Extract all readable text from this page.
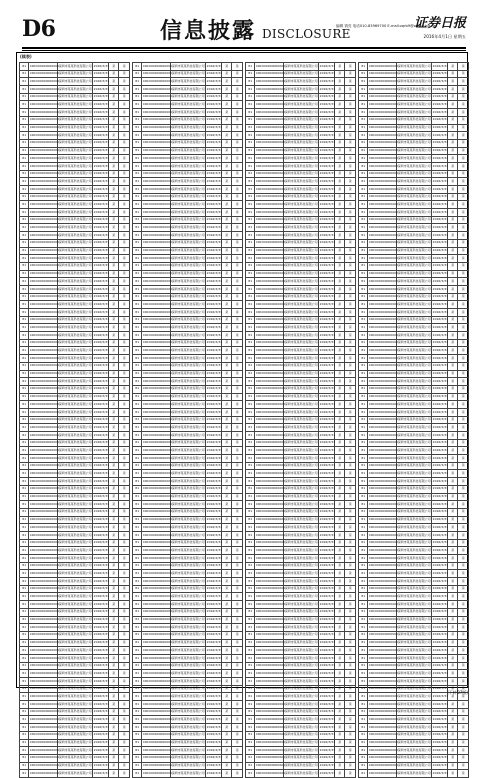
D6	信息披露 DISCLOSURE
编辑 钱亮 电话010-83969700 E-mail:zqrb9@zqrb.sina.net
证券日报
2016年4月1日 星期五
(续表)
81	CRC000000000000	深圳市某某科技有限公司	2016/3/31	是	是
81	CRC000000000000	深圳市某某科技有限公司	2016/3/31	是	是
81	CRC000000000000	深圳市某某科技有限公司	2016/3/31	是	是
81	CRC000000000000	深圳市某某科技有限公司	2016/3/31	是	是
81	CRC000000000000	深圳市某某科技有限公司	2016/3/31	是	是
81	CRC000000000000	深圳市某某科技有限公司	2016/3/31	是	是
81	CRC000000000000	深圳市某某科技有限公司	2016/3/31	是	是
81	CRC000000000000	深圳市某某科技有限公司	2016/3/31	是	是
81	CRC000000000000	深圳市某某科技有限公司	2016/3/31	是	是
81	CRC000000000000	深圳市某某科技有限公司	2016/3/31	是	是
81	CRC000000000000	深圳市某某科技有限公司	2016/3/31	是	是
81	CRC000000000000	深圳市某某科技有限公司	2016/3/31	是	是
81	CRC000000000000	深圳市某某科技有限公司	2016/3/31	是	是
81	CRC000000000000	深圳市某某科技有限公司	2016/3/31	是	是
81	CRC000000000000	深圳市某某科技有限公司	2016/3/31	是	是
81	CRC000000000000	深圳市某某科技有限公司	2016/3/31	是	是
81	CRC000000000000	深圳市某某科技有限公司	2016/3/31	是	是
81	CRC000000000000	深圳市某某科技有限公司	2016/3/31	是	是
81	CRC000000000000	深圳市某某科技有限公司	2016/3/31	是	是
81	CRC000000000000	深圳市某某科技有限公司	2016/3/31	是	是
81	CRC000000000000	深圳市某某科技有限公司	2016/3/31	是	是
81	CRC000000000000	深圳市某某科技有限公司	2016/3/31	是	是
81	CRC000000000000	深圳市某某科技有限公司	2016/3/31	是	是
81	CRC000000000000	深圳市某某科技有限公司	2016/3/31	是	是
81	CRC000000000000	深圳市某某科技有限公司	2016/3/31	是	是
81	CRC000000000000	深圳市某某科技有限公司	2016/3/31	是	是
81	CRC000000000000	深圳市某某科技有限公司	2016/3/31	是	是
81	CRC000000000000	深圳市某某科技有限公司	2016/3/31	是	是
81	CRC000000000000	深圳市某某科技有限公司	2016/3/31	是	是
81	CRC000000000000	深圳市某某科技有限公司	2016/3/31	是	是
81	CRC000000000000	深圳市某某科技有限公司	2016/3/31	是	是
81	CRC000000000000	深圳市某某科技有限公司	2016/3/31	是	是
81	CRC000000000000	深圳市某某科技有限公司	2016/3/31	是	是
81	CRC000000000000	深圳市某某科技有限公司	2016/3/31	是	是
81	CRC000000000000	深圳市某某科技有限公司	2016/3/31	是	是
81	CRC000000000000	深圳市某某科技有限公司	2016/3/31	是	是
81	CRC000000000000	深圳市某某科技有限公司	2016/3/31	是	是
81	CRC000000000000	深圳市某某科技有限公司	2016/3/31	是	是
81	CRC000000000000	深圳市某某科技有限公司	2016/3/31	是	是
81	CRC000000000000	深圳市某某科技有限公司	2016/3/31	是	是
81	CRC000000000000	深圳市某某科技有限公司	2016/3/31	是	是
81	CRC000000000000	深圳市某某科技有限公司	2016/3/31	是	是
81	CRC000000000000	深圳市某某科技有限公司	2016/3/31	是	是
81	CRC000000000000	深圳市某某科技有限公司	2016/3/31	是	是
81	CRC000000000000	深圳市某某科技有限公司	2016/3/31	是	是
81	CRC000000000000	深圳市某某科技有限公司	2016/3/31	是	是
81	CRC000000000000	深圳市某某科技有限公司	2016/3/31	是	是
81	CRC000000000000	深圳市某某科技有限公司	2016/3/31	是	是
81	CRC000000000000	深圳市某某科技有限公司	2016/3/31	是	是
81	CRC000000000000	深圳市某某科技有限公司	2016/3/31	是	是
81	CRC000000000000	深圳市某某科技有限公司	2016/3/31	是	是
81	CRC000000000000	深圳市某某科技有限公司	2016/3/31	是	是
81	CRC000000000000	深圳市某某科技有限公司	2016/3/31	是	是
81	CRC000000000000	深圳市某某科技有限公司	2016/3/31	是	是
81	CRC000000000000	深圳市某某科技有限公司	2016/3/31	是	是
81	CRC000000000000	深圳市某某科技有限公司	2016/3/31	是	是
81	CRC000000000000	深圳市某某科技有限公司	2016/3/31	是	是
81	CRC000000000000	深圳市某某科技有限公司	2016/3/31	是	是
81	CRC000000000000	深圳市某某科技有限公司	2016/3/31	是	是
81	CRC000000000000	深圳市某某科技有限公司	2016/3/31	是	是
81	CRC000000000000	深圳市某某科技有限公司	2016/3/31	是	是
81	CRC000000000000	深圳市某某科技有限公司	2016/3/31	是	是
81	CRC000000000000	深圳市某某科技有限公司	2016/3/31	是	是
81	CRC000000000000	深圳市某某科技有限公司	2016/3/31	是	是
81	CRC000000000000	深圳市某某科技有限公司	2016/3/31	是	是
81	CRC000000000000	深圳市某某科技有限公司	2016/3/31	是	是
81	CRC000000000000	深圳市某某科技有限公司	2016/3/31	是	是
81	CRC000000000000	深圳市某某科技有限公司	2016/3/31	是	是
81	CRC000000000000	深圳市某某科技有限公司	2016/3/31	是	是
81	CRC000000000000	深圳市某某科技有限公司	2016/3/31	是	是
81	CRC000000000000	深圳市某某科技有限公司	2016/3/31	是	是
81	CRC000000000000	深圳市某某科技有限公司	2016/3/31	是	是
81	CRC000000000000	深圳市某某科技有限公司	2016/3/31	是	是
81	CRC000000000000	深圳市某某科技有限公司	2016/3/31	是	是
81	CRC000000000000	深圳市某某科技有限公司	2016/3/31	是	是
81	CRC000000000000	深圳市某某科技有限公司	2016/3/31	是	是
81	CRC000000000000	深圳市某某科技有限公司	2016/3/31	是	是
81	CRC000000000000	深圳市某某科技有限公司	2016/3/31	是	是
81	CRC000000000000	深圳市某某科技有限公司	2016/3/31	是	是
81	CRC000000000000	深圳市某某科技有限公司	2016/3/31	是	是
81	CRC000000000000	深圳市某某科技有限公司	2016/3/31	是	是
81	CRC000000000000	深圳市某某科技有限公司	2016/3/31	是	是
81	CRC000000000000	深圳市某某科技有限公司	2016/3/31	是	是
81	CRC000000000000	深圳市某某科技有限公司	2016/3/31	是	是
81	CRC000000000000	深圳市某某科技有限公司	2016/3/31	是	是
81	CRC000000000000	深圳市某某科技有限公司	2016/3/31	是	是
81	CRC000000000000	深圳市某某科技有限公司	2016/3/31	是	是
81	CRC000000000000	深圳市某某科技有限公司	2016/3/31	是	是
81	CRC000000000000	深圳市某某科技有限公司	2016/3/31	是	是
81	CRC000000000000	深圳市某某科技有限公司	2016/3/31	是	是
81	CRC000000000000	深圳市某某科技有限公司	2016/3/31	是	是
81	CRC000000000000	深圳市某某科技有限公司	2016/3/31	是	是
81	CRC000000000000	深圳市某某科技有限公司	2016/3/31	是	是
81	CRC000000000000	深圳市某某科技有限公司	2016/3/31	是	是
81	CRC000000000000	深圳市某某科技有限公司	2016/3/31	是	是
81	CRC000000000000	深圳市某某科技有限公司	2016/3/31	是	是
81	CRC000000000000	深圳市某某科技有限公司	2016/3/31	是	是
81	CRC000000000000	深圳市某某科技有限公司	2016/3/31	是	是
81	CRC000000000000	深圳市某某科技有限公司	2016/3/31	是	是
81	CRC000000000000	深圳市某某科技有限公司	2016/3/31	是	是
81	CRC000000000000	深圳市某某科技有限公司	2016/3/31	是	是
81	CRC000000000000	深圳市某某科技有限公司	2016/3/31	是	是
81	CRC000000000000	深圳市某某科技有限公司	2016/3/31	是	是
81	CRC000000000000	深圳市某某科技有限公司	2016/3/31	是	是
81	CRC000000000000	深圳市某某科技有限公司	2016/3/31	是	是
81	CRC000000000000	深圳市某某科技有限公司	2016/3/31	是	是
81	CRC000000000000	深圳市某某科技有限公司	2016/3/31	是	是
81	CRC000000000000	深圳市某某科技有限公司	2016/3/31	是	是
81	CRC000000000000	深圳市某某科技有限公司	2016/3/31	是	是
81	CRC000000000000	深圳市某某科技有限公司	2016/3/31	是	是
81	CRC000000000000	深圳市某某科技有限公司	2016/3/31	是	是
81	CRC000000000000	深圳市某某科技有限公司	2016/3/31	是	是
81	CRC000000000000	深圳市某某科技有限公司	2016/3/31	是	是
81	CRC000000000000	深圳市某某科技有限公司	2016/3/31	是	是
81	CRC000000000000	深圳市某某科技有限公司	2016/3/31	是	是
81	CRC000000000000	深圳市某某科技有限公司	2016/3/31	是	是
81	CRC000000000000	深圳市某某科技有限公司	2016/3/31	是	是
81	CRC000000000000	深圳市某某科技有限公司	2016/3/31	是	是
81	CRC000000000000	深圳市某某科技有限公司	2016/3/31	是	是
81	CRC000000000000	深圳市某某科技有限公司	2016/3/31	是	是
81	CRC000000000000	深圳市某某科技有限公司	2016/3/31	是	是
81	CRC000000000000	深圳市某某科技有限公司	2016/3/31	是	是
81	CRC000000000000	深圳市某某科技有限公司	2016/3/31	是	是
81	CRC000000000000	深圳市某某科技有限公司	2016/3/31	是	是
81	CRC000000000000	深圳市某某科技有限公司	2016/3/31	是	是
81	CRC000000000000	深圳市某某科技有限公司	2016/3/31	是	是
81	CRC000000000000	深圳市某某科技有限公司	2016/3/31	是	是
81	CRC000000000000	深圳市某某科技有限公司	2016/3/31	是	是
81	CRC000000000000	深圳市某某科技有限公司	2016/3/31	是	是
81	CRC000000000000	深圳市某某科技有限公司	2016/3/31	是	是
81	CRC000000000000	深圳市某某科技有限公司	2016/3/31	是	是
81	CRC000000000000	深圳市某某科技有限公司	2016/3/31	是	是
81	CRC000000000000	深圳市某某科技有限公司	2016/3/31	是	是
81	CRC000000000000	深圳市某某科技有限公司	2016/3/31	是	是
81	CRC000000000000	深圳市某某科技有限公司	2016/3/31	是	是
81	CRC000000000000	深圳市某某科技有限公司	2016/3/31	是	是
81	CRC000000000000	深圳市某某科技有限公司	2016/3/31	是	是
81	CRC000000000000	深圳市某某科技有限公司	2016/3/31	是	是
81	CRC000000000000	深圳市某某科技有限公司	2016/3/31	是	是
81	CRC000000000000	深圳市某某科技有限公司	2016/3/31	是	是
81	CRC000000000000	深圳市某某科技有限公司	2016/3/31	是	是
81	CRC000000000000	深圳市某某科技有限公司	2016/3/31	是	是
81	CRC000000000000	深圳市某某科技有限公司	2016/3/31	是	是
81	CRC000000000000	深圳市某某科技有限公司	2016/3/31	是	是
81	CRC000000000000	深圳市某某科技有限公司	2016/3/31	是	是
81	CRC000000000000	深圳市某某科技有限公司	2016/3/31	是	是
81	CRC000000000000	深圳市某某科技有限公司	2016/3/31	是	是
81	CRC000000000000	深圳市某某科技有限公司	2016/3/31	是	是
81	CRC000000000000	深圳市某某科技有限公司	2016/3/31	是	是
81	CRC000000000000	深圳市某某科技有限公司	2016/3/31	是	是
81	CRC000000000000	深圳市某某科技有限公司	2016/3/31	是	是
81	CRC000000000000	深圳市某某科技有限公司	2016/3/31	是	是
81	CRC000000000000	深圳市某某科技有限公司	2016/3/31	是	是
81	CRC000000000000	深圳市某某科技有限公司	2016/3/31	是	是
81	CRC000000000000	深圳市某某科技有限公司	2016/3/31	是	是
81	CRC000000000000	深圳市某某科技有限公司	2016/3/31	是	是
81	CRC000000000000	深圳市某某科技有限公司	2016/3/31	是	是
81	CRC000000000000	深圳市某某科技有限公司	2016/3/31	是	是
81	CRC000000000000	深圳市某某科技有限公司	2016/3/31	是	是
81	CRC000000000000	深圳市某某科技有限公司	2016/3/31	是	是
81	CRC000000000000	深圳市某某科技有限公司	2016/3/31	是	是
81	CRC000000000000	深圳市某某科技有限公司	2016/3/31	是	是
81	CRC000000000000	深圳市某某科技有限公司	2016/3/31	是	是
81	CRC000000000000	深圳市某某科技有限公司	2016/3/31	是	是
81	CRC000000000000	深圳市某某科技有限公司	2016/3/31	是	是
81	CRC000000000000	深圳市某某科技有限公司	2016/3/31	是	是
81	CRC000000000000	深圳市某某科技有限公司	2016/3/31	是	是
81	CRC000000000000	深圳市某某科技有限公司	2016/3/31	是	是
81	CRC000000000000	深圳市某某科技有限公司	2016/3/31	是	是
81	CRC000000000000	深圳市某某科技有限公司	2016/3/31	是	是
81	CRC000000000000	深圳市某某科技有限公司	2016/3/31	是	是
81	CRC000000000000	深圳市某某科技有限公司	2016/3/31	是	是
81	CRC000000000000	深圳市某某科技有限公司	2016/3/31	是	是
81	CRC000000000000	深圳市某某科技有限公司	2016/3/31	是	是
81	CRC000000000000	深圳市某某科技有限公司	2016/3/31	是	是
81	CRC000000000000	深圳市某某科技有限公司	2016/3/31	是	是
81	CRC000000000000	深圳市某某科技有限公司	2016/3/31	是	是
81	CRC000000000000	深圳市某某科技有限公司	2016/3/31	是	是
81	CRC000000000000	深圳市某某科技有限公司	2016/3/31	是	是
81	CRC000000000000	深圳市某某科技有限公司	2016/3/31	是	是
81	CRC000000000000	深圳市某某科技有限公司	2016/3/31	是	是
81	CRC000000000000	深圳市某某科技有限公司	2016/3/31	是	是
81	CRC000000000000	深圳市某某科技有限公司	2016/3/31	是	是
81	CRC000000000000	深圳市某某科技有限公司	2016/3/31	是	是
81	CRC000000000000	深圳市某某科技有限公司	2016/3/31	是	是
81	CRC000000000000	深圳市某某科技有限公司	2016/3/31	是	是
81	CRC000000000000	深圳市某某科技有限公司	2016/3/31	是	是
81	CRC000000000000	深圳市某某科技有限公司	2016/3/31	是	是
81	CRC000000000000	深圳市某某科技有限公司	2016/3/31	是	是
81	CRC000000000000	深圳市某某科技有限公司	2016/3/31	是	是
81	CRC000000000000	深圳市某某科技有限公司	2016/3/31	是	是
81	CRC000000000000	深圳市某某科技有限公司	2016/3/31	是	是
81	CRC000000000000	深圳市某某科技有限公司	2016/3/31	是	是
81	CRC000000000000	深圳市某某科技有限公司	2016/3/31	是	是
81	CRC000000000000	深圳市某某科技有限公司	2016/3/31	是	是
81	CRC000000000000	深圳市某某科技有限公司	2016/3/31	是	是
81	CRC000000000000	深圳市某某科技有限公司	2016/3/31	是	是
81	CRC000000000000	深圳市某某科技有限公司	2016/3/31	是	是
81	CRC000000000000	深圳市某某科技有限公司	2016/3/31	是	是
81	CRC000000000000	深圳市某某科技有限公司	2016/3/31	是	是
81	CRC000000000000	深圳市某某科技有限公司	2016/3/31	是	是
81	CRC000000000000	深圳市某某科技有限公司	2016/3/31	是	是
81	CRC000000000000	深圳市某某科技有限公司	2016/3/31	是	是
81	CRC000000000000	深圳市某某科技有限公司	2016/3/31	是	是
81	CRC000000000000	深圳市某某科技有限公司	2016/3/31	是	是
81	CRC000000000000	深圳市某某科技有限公司	2016/3/31	是	是
81	CRC000000000000	深圳市某某科技有限公司	2016/3/31	是	是
81	CRC000000000000	深圳市某某科技有限公司	2016/3/31	是	是
81	CRC000000000000	深圳市某某科技有限公司	2016/3/31	是	是
81	CRC000000000000	深圳市某某科技有限公司	2016/3/31	是	是
81	CRC000000000000	深圳市某某科技有限公司	2016/3/31	是	是
81	CRC000000000000	深圳市某某科技有限公司	2016/3/31	是	是
81	CRC000000000000	深圳市某某科技有限公司	2016/3/31	是	是
81	CRC000000000000	深圳市某某科技有限公司	2016/3/31	是	是
81	CRC000000000000	深圳市某某科技有限公司	2016/3/31	是	是
81	CRC000000000000	深圳市某某科技有限公司	2016/3/31	是	是
81	CRC000000000000	深圳市某某科技有限公司	2016/3/31	是	是
81	CRC000000000000	深圳市某某科技有限公司	2016/3/31	是	是
81	CRC000000000000	深圳市某某科技有限公司	2016/3/31	是	是
81	CRC000000000000	深圳市某某科技有限公司	2016/3/31	是	是
81	CRC000000000000	深圳市某某科技有限公司	2016/3/31	是	是
81	CRC000000000000	深圳市某某科技有限公司	2016/3/31	是	是
81	CRC000000000000	深圳市某某科技有限公司	2016/3/31	是	是
81	CRC000000000000	深圳市某某科技有限公司	2016/3/31	是	是
81	CRC000000000000	深圳市某某科技有限公司	2016/3/31	是	是
81	CRC000000000000	深圳市某某科技有限公司	2016/3/31	是	是
81	CRC000000000000	深圳市某某科技有限公司	2016/3/31	是	是
81	CRC000000000000	深圳市某某科技有限公司	2016/3/31	是	是
81	CRC000000000000	深圳市某某科技有限公司	2016/3/31	是	是
81	CRC000000000000	深圳市某某科技有限公司	2016/3/31	是	是
81	CRC000000000000	深圳市某某科技有限公司	2016/3/31	是	是
81	CRC000000000000	深圳市某某科技有限公司	2016/3/31	是	是
81	CRC000000000000	深圳市某某科技有限公司	2016/3/31	是	是
81	CRC000000000000	深圳市某某科技有限公司	2016/3/31	是	是
81	CRC000000000000	深圳市某某科技有限公司	2016/3/31	是	是
81	CRC000000000000	深圳市某某科技有限公司	2016/3/31	是	是
81	CRC000000000000	深圳市某某科技有限公司	2016/3/31	是	是
81	CRC000000000000	深圳市某某科技有限公司	2016/3/31	是	是
81	CRC000000000000	深圳市某某科技有限公司	2016/3/31	是	是
81	CRC000000000000	深圳市某某科技有限公司	2016/3/31	是	是
81	CRC000000000000	深圳市某某科技有限公司	2016/3/31	是	是
81	CRC000000000000	深圳市某某科技有限公司	2016/3/31	是	是
81	CRC000000000000	深圳市某某科技有限公司	2016/3/31	是	是
81	CRC000000000000	深圳市某某科技有限公司	2016/3/31	是	是
81	CRC000000000000	深圳市某某科技有限公司	2016/3/31	是	是
81	CRC000000000000	深圳市某某科技有限公司	2016/3/31	是	是
81	CRC000000000000	深圳市某某科技有限公司	2016/3/31	是	是
81	CRC000000000000	深圳市某某科技有限公司	2016/3/31	是	是
81	CRC000000000000	深圳市某某科技有限公司	2016/3/31	是	是
81	CRC000000000000	深圳市某某科技有限公司	2016/3/31	是	是
81	CRC000000000000	深圳市某某科技有限公司	2016/3/31	是	是
81	CRC000000000000	深圳市某某科技有限公司	2016/3/31	是	是
81	CRC000000000000	深圳市某某科技有限公司	2016/3/31	是	是
81	CRC000000000000	深圳市某某科技有限公司	2016/3/31	是	是
81	CRC000000000000	深圳市某某科技有限公司	2016/3/31	是	是
81	CRC000000000000	深圳市某某科技有限公司	2016/3/31	是	是
81	CRC000000000000	深圳市某某科技有限公司	2016/3/31	是	是
81	CRC000000000000	深圳市某某科技有限公司	2016/3/31	是	是
81	CRC000000000000	深圳市某某科技有限公司	2016/3/31	是	是
81	CRC000000000000	深圳市某某科技有限公司	2016/3/31	是	是
81	CRC000000000000	深圳市某某科技有限公司	2016/3/31	是	是
81	CRC000000000000	深圳市某某科技有限公司	2016/3/31	是	是
81	CRC000000000000	深圳市某某科技有限公司	2016/3/31	是	是
81	CRC000000000000	深圳市某某科技有限公司	2016/3/31	是	是
81	CRC000000000000	深圳市某某科技有限公司	2016/3/31	是	是
81	CRC000000000000	深圳市某某科技有限公司	2016/3/31	是	是
81	CRC000000000000	深圳市某某科技有限公司	2016/3/31	是	是
81	CRC000000000000	深圳市某某科技有限公司	2016/3/31	是	是
81	CRC000000000000	深圳市某某科技有限公司	2016/3/31	是	是
81	CRC000000000000	深圳市某某科技有限公司	2016/3/31	是	是
81	CRC000000000000	深圳市某某科技有限公司	2016/3/31	是	是
81	CRC000000000000	深圳市某某科技有限公司	2016/3/31	是	是
81	CRC000000000000	深圳市某某科技有限公司	2016/3/31	是	是
81	CRC000000000000	深圳市某某科技有限公司	2016/3/31	是	是
81	CRC000000000000	深圳市某某科技有限公司	2016/3/31	是	是
81	CRC000000000000	深圳市某某科技有限公司	2016/3/31	是	是
81	CRC000000000000	深圳市某某科技有限公司	2016/3/31	是	是
81	CRC000000000000	深圳市某某科技有限公司	2016/3/31	是	是
81	CRC000000000000	深圳市某某科技有限公司	2016/3/31	是	是
81	CRC000000000000	深圳市某某科技有限公司	2016/3/31	是	是
81	CRC000000000000	深圳市某某科技有限公司	2016/3/31	是	是
81	CRC000000000000	深圳市某某科技有限公司	2016/3/31	是	是
81	CRC000000000000	深圳市某某科技有限公司	2016/3/31	是	是
81	CRC000000000000	深圳市某某科技有限公司	2016/3/31	是	是
81	CRC000000000000	深圳市某某科技有限公司	2016/3/31	是	是
81	CRC000000000000	深圳市某某科技有限公司	2016/3/31	是	是
81	CRC000000000000	深圳市某某科技有限公司	2016/3/31	是	是
81	CRC000000000000	深圳市某某科技有限公司	2016/3/31	是	是
81	CRC000000000000	深圳市某某科技有限公司	2016/3/31	是	是
81	CRC000000000000	深圳市某某科技有限公司	2016/3/31	是	是
81	CRC000000000000	深圳市某某科技有限公司	2016/3/31	是	是
81	CRC000000000000	深圳市某某科技有限公司	2016/3/31	是	是
81	CRC000000000000	深圳市某某科技有限公司	2016/3/31	是	是
81	CRC000000000000	深圳市某某科技有限公司	2016/3/31	是	是
81	CRC000000000000	深圳市某某科技有限公司	2016/3/31	是	是
81	CRC000000000000	深圳市某某科技有限公司	2016/3/31	是	是
81	CRC000000000000	深圳市某某科技有限公司	2016/3/31	是	是
81	CRC000000000000	深圳市某某科技有限公司	2016/3/31	是	是
81	CRC000000000000	深圳市某某科技有限公司	2016/3/31	是	是
81	CRC000000000000	深圳市某某科技有限公司	2016/3/31	是	是
81	CRC000000000000	深圳市某某科技有限公司	2016/3/31	是	是
81	CRC000000000000	深圳市某某科技有限公司	2016/3/31	是	是
81	CRC000000000000	深圳市某某科技有限公司	2016/3/31	是	是
81	CRC000000000000	深圳市某某科技有限公司	2016/3/31	是	是
81	CRC000000000000	深圳市某某科技有限公司	2016/3/31	是	是
81	CRC000000000000	深圳市某某科技有限公司	2016/3/31	是	是
81	CRC000000000000	深圳市某某科技有限公司	2016/3/31	是	是
81	CRC000000000000	深圳市某某科技有限公司	2016/3/31	是	是
81	CRC000000000000	深圳市某某科技有限公司	2016/3/31	是	是
81	CRC000000000000	深圳市某某科技有限公司	2016/3/31	是	是
81	CRC000000000000	深圳市某某科技有限公司	2016/3/31	是	是
81	CRC000000000000	深圳市某某科技有限公司	2016/3/31	是	是
81	CRC000000000000	深圳市某某科技有限公司	2016/3/31	是	是
81	CRC000000000000	深圳市某某科技有限公司	2016/3/31	是	是
81	CRC000000000000	深圳市某某科技有限公司	2016/3/31	是	是
81	CRC000000000000	深圳市某某科技有限公司	2016/3/31	是	是
81	CRC000000000000	深圳市某某科技有限公司	2016/3/31	是	是
81	CRC000000000000	深圳市某某科技有限公司	2016/3/31	是	是
81	CRC000000000000	深圳市某某科技有限公司	2016/3/31	是	是
81	CRC000000000000	深圳市某某科技有限公司	2016/3/31	是	是
81	CRC000000000000	深圳市某某科技有限公司	2016/3/31	是	是
81	CRC000000000000	深圳市某某科技有限公司	2016/3/31	是	是
81	CRC000000000000	深圳市某某科技有限公司	2016/3/31	是	是
81	CRC000000000000	深圳市某某科技有限公司	2016/3/31	是	是
81	CRC000000000000	深圳市某某科技有限公司	2016/3/31	是	是
81	CRC000000000000	深圳市某某科技有限公司	2016/3/31	是	是
81	CRC000000000000	深圳市某某科技有限公司	2016/3/31	是	是
81	CRC000000000000	深圳市某某科技有限公司	2016/3/31	是	是
81	CRC000000000000	深圳市某某科技有限公司	2016/3/31	是	是
81	CRC000000000000	深圳市某某科技有限公司	2016/3/31	是	是
81	CRC000000000000	深圳市某某科技有限公司	2016/3/31	是	是
81	CRC000000000000	深圳市某某科技有限公司	2016/3/31	是	是
81	CRC000000000000	深圳市某某科技有限公司	2016/3/31	是	是
81	CRC000000000000	深圳市某某科技有限公司	2016/3/31	是	是
81	CRC000000000000	深圳市某某科技有限公司	2016/3/31	是	是
81	CRC000000000000	深圳市某某科技有限公司	2016/3/31	是	是
81	CRC000000000000	深圳市某某科技有限公司	2016/3/31	是	是
81	CRC000000000000	深圳市某某科技有限公司	2016/3/31	是	是
81	CRC000000000000	深圳市某某科技有限公司	2016/3/31	是	是
81	CRC000000000000	深圳市某某科技有限公司	2016/3/31	是	是
81	CRC000000000000	深圳市某某科技有限公司	2016/3/31	是	是
81	CRC000000000000	深圳市某某科技有限公司	2016/3/31	是	是
81	CRC000000000000	深圳市某某科技有限公司	2016/3/31	是	是
81	CRC000000000000	深圳市某某科技有限公司	2016/3/31	是	是
81	CRC000000000000	深圳市某某科技有限公司	2016/3/31	是	是
81	CRC000000000000	深圳市某某科技有限公司	2016/3/31	是	是
81	CRC000000000000	深圳市某某科技有限公司	2016/3/31	是	是
81	CRC000000000000	深圳市某某科技有限公司	2016/3/31	是	是
81	CRC000000000000	深圳市某某科技有限公司	2016/3/31	是	是
81	CRC000000000000	深圳市某某科技有限公司	2016/3/31	是	是
81	CRC000000000000	深圳市某某科技有限公司	2016/3/31	是	是
81	CRC000000000000	深圳市某某科技有限公司	2016/3/31	是	是
81	CRC000000000000	深圳市某某科技有限公司	2016/3/31	是	是
81	CRC000000000000	深圳市某某科技有限公司	2016/3/31	是	是
81	CRC000000000000	深圳市某某科技有限公司	2016/3/31	是	是
81	CRC000000000000	深圳市某某科技有限公司	2016/3/31	是	是
81	CRC000000000000	深圳市某某科技有限公司	2016/3/31	是	是
81	CRC000000000000	深圳市某某科技有限公司	2016/3/31	是	是
81	CRC000000000000	深圳市某某科技有限公司	2016/3/31	是	是
81	CRC000000000000	深圳市某某科技有限公司	2016/3/31	是	是
81	CRC000000000000	深圳市某某科技有限公司	2016/3/31	是	是
81	CRC000000000000	深圳市某某科技有限公司	2016/3/31	是	是
81	CRC000000000000	深圳市某某科技有限公司	2016/3/31	是	是
81	CRC000000000000	深圳市某某科技有限公司	2016/3/31	是	是
81	CRC000000000000	深圳市某某科技有限公司	2016/3/31	是	是
81	CRC000000000000	深圳市某某科技有限公司	2016/3/31	是	是
81	CRC000000000000	深圳市某某科技有限公司	2016/3/31	是	是
81	CRC000000000000	深圳市某某科技有限公司	2016/3/31	是	是
81	CRC000000000000	深圳市某某科技有限公司	2016/3/31	是	是
81	CRC000000000000	深圳市某某科技有限公司	2016/3/31	是	是
81	CRC000000000000	深圳市某某科技有限公司	2016/3/31	是	是
81	CRC000000000000	深圳市某某科技有限公司	2016/3/31	是	是
(下转D7版)
